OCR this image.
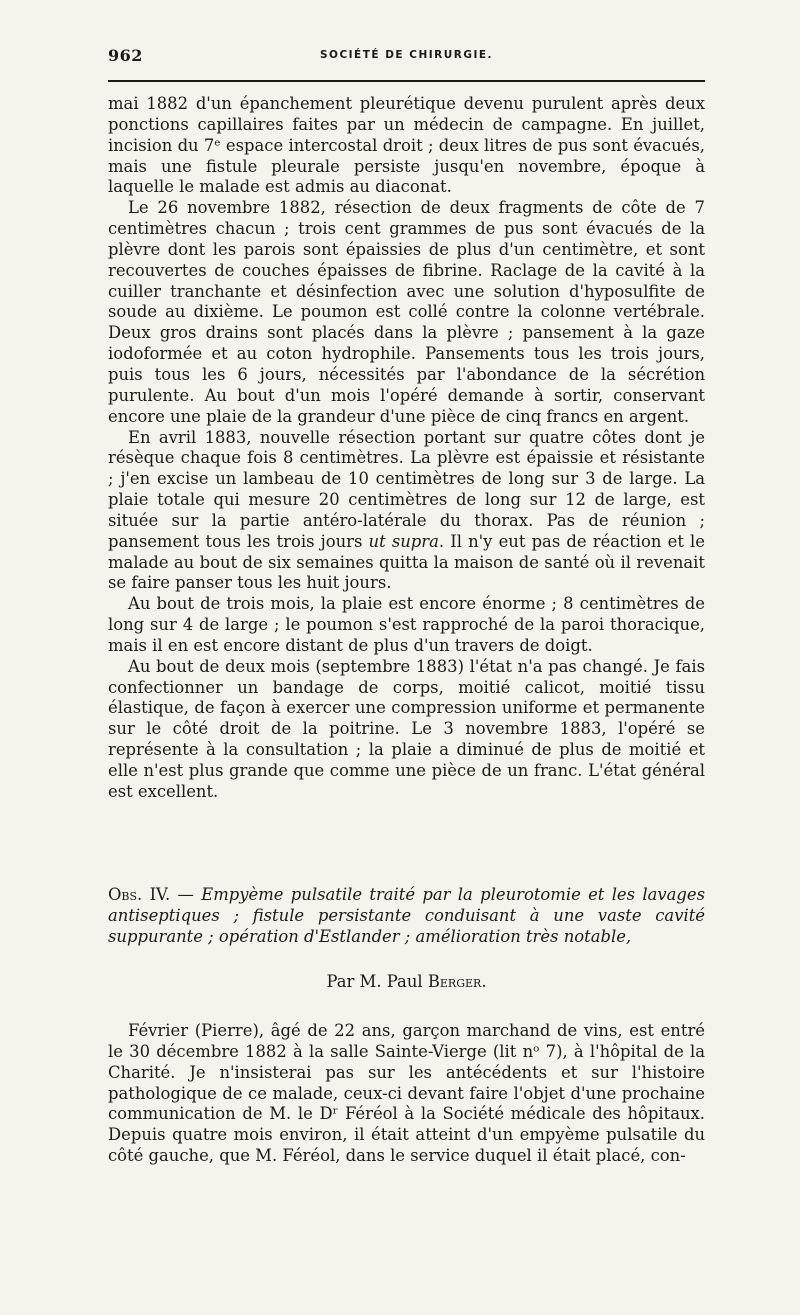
962	SOCIÉTÉ DE CHIRURGIE.

mai 1882 d'un épanchement pleurétique devenu purulent après deux ponctions capillaires faites par un médecin de campagne. En juillet, incision du 7ᵉ espace intercostal droit ; deux litres de pus sont évacués, mais une fistule pleurale persiste jusqu'en novembre, époque à laquelle le malade est admis au diaconat.

Le 26 novembre 1882, résection de deux fragments de côte de 7 centimètres chacun ; trois cent grammes de pus sont évacués de la plèvre dont les parois sont épaissies de plus d'un centimètre, et sont recouvertes de couches épaisses de fibrine. Raclage de la cavité à la cuiller tranchante et désinfection avec une solution d'hyposulfite de soude au dixième. Le poumon est collé contre la colonne vertébrale. Deux gros drains sont placés dans la plèvre ; pansement à la gaze iodoformée et au coton hydrophile. Pansements tous les trois jours, puis tous les 6 jours, nécessités par l'abondance de la sécrétion purulente. Au bout d'un mois l'opéré demande à sortir, conservant encore une plaie de la grandeur d'une pièce de cinq francs en argent.

En avril 1883, nouvelle résection portant sur quatre côtes dont je résèque chaque fois 8 centimètres. La plèvre est épaissie et résistante ; j'en excise un lambeau de 10 centimètres de long sur 3 de large. La plaie totale qui mesure 20 centimètres de long sur 12 de large, est située sur la partie antéro-latérale du thorax. Pas de réunion ; pansement tous les trois jours ut supra. Il n'y eut pas de réaction et le malade au bout de six semaines quitta la maison de santé où il revenait se faire panser tous les huit jours.

Au bout de trois mois, la plaie est encore énorme ; 8 centimètres de long sur 4 de large ; le poumon s'est rapproché de la paroi thoracique, mais il en est encore distant de plus d'un travers de doigt.

Au bout de deux mois (septembre 1883) l'état n'a pas changé. Je fais confectionner un bandage de corps, moitié calicot, moitié tissu élastique, de façon à exercer une compression uniforme et permanente sur le côté droit de la poitrine. Le 3 novembre 1883, l'opéré se représente à la consultation ; la plaie a diminué de plus de moitié et elle n'est plus grande que comme une pièce de un franc. L'état général est excellent.

Obs. IV. — Empyème pulsatile traité par la pleurotomie et les lavages antiseptiques ; fistule persistante conduisant à une vaste cavité suppurante ; opération d'Estlander ; amélioration très notable,
Par M. Paul Berger.

Février (Pierre), âgé de 22 ans, garçon marchand de vins, est entré le 30 décembre 1882 à la salle Sainte-Vierge (lit nᵒ 7), à l'hôpital de la Charité. Je n'insisterai pas sur les antécédents et sur l'histoire pathologique de ce malade, ceux-ci devant faire l'objet d'une prochaine communication de M. le Dʳ Féréol à la Société médicale des hôpitaux. Depuis quatre mois environ, il était atteint d'un empyème pulsatile du côté gauche, que M. Féréol, dans le service duquel il était placé, con-
